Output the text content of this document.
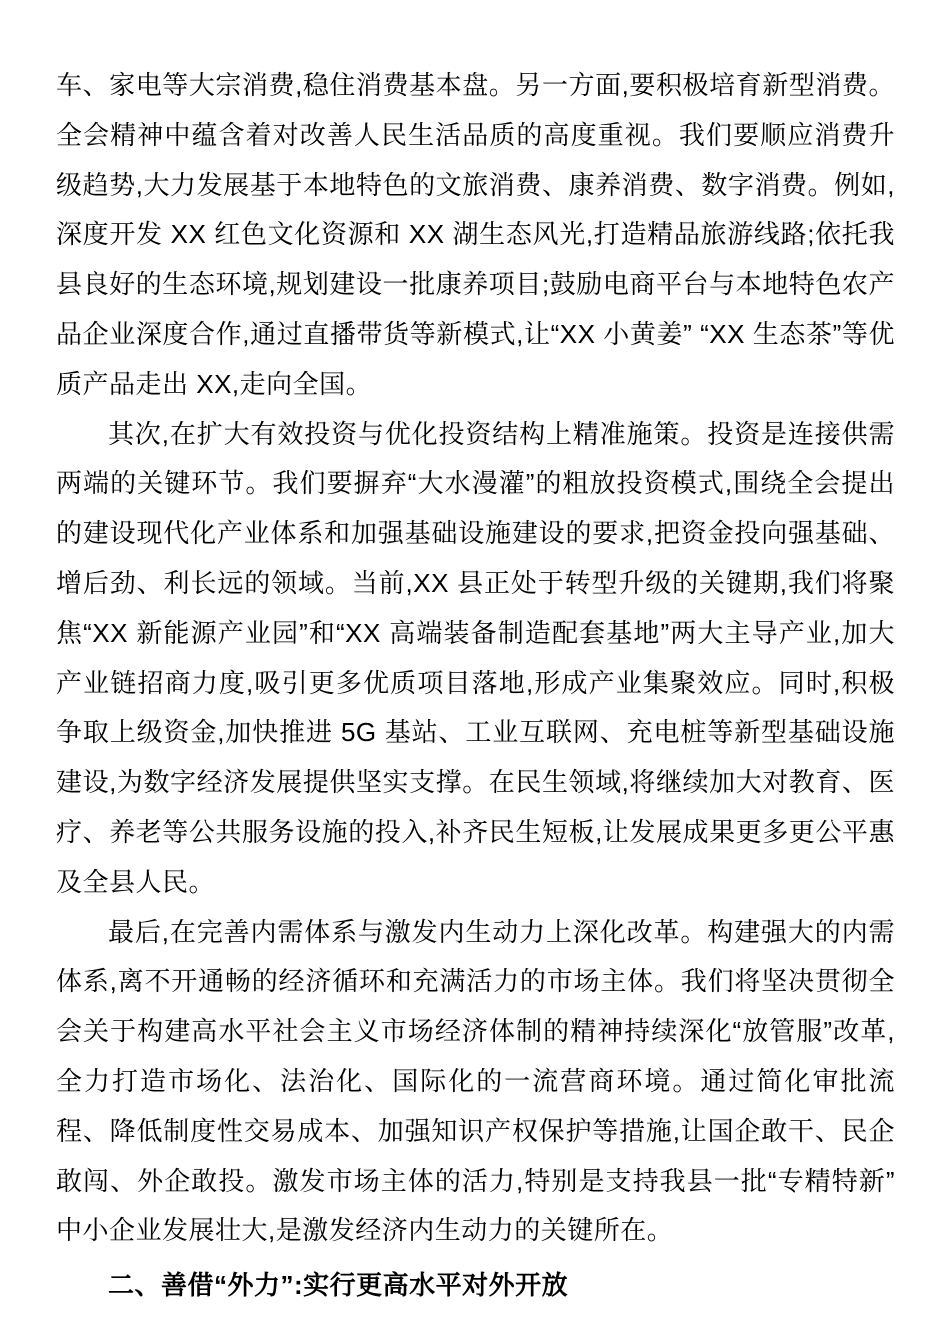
车、家电等大宗消费,稳住消费基本盘。另一方面,要积极培育新型消费。全会精神中蕴含着对改善人民生活品质的高度重视。我们要顺应消费升级趋势,大力发展基于本地特色的文旅消费、康养消费、数字消费。例如,深度开发 XX 红色文化资源和 XX 湖生态风光,打造精品旅游线路;依托我县良好的生态环境,规划建设一批康养项目;鼓励电商平台与本地特色农产品企业深度合作,通过直播带货等新模式,让“XX 小黄姜” “XX 生态茶”等优质产品走出 XX,走向全国。

其次,在扩大有效投资与优化投资结构上精准施策。投资是连接供需两端的关键环节。我们要摒弃“大水漫灌”的粗放投资模式,围绕全会提出的建设现代化产业体系和加强基础设施建设的要求,把资金投向强基础、增后劲、利长远的领域。当前,XX 县正处于转型升级的关键期,我们将聚焦“XX 新能源产业园”和“XX 高端装备制造配套基地”两大主导产业,加大产业链招商力度,吸引更多优质项目落地,形成产业集聚效应。同时,积极争取上级资金,加快推进 5G 基站、工业互联网、充电桩等新型基础设施建设,为数字经济发展提供坚实支撑。在民生领域,将继续加大对教育、医疗、养老等公共服务设施的投入,补齐民生短板,让发展成果更多更公平惠及全县人民。

最后,在完善内需体系与激发内生动力上深化改革。构建强大的内需体系,离不开通畅的经济循环和充满活力的市场主体。我们将坚决贯彻全会关于构建高水平社会主义市场经济体制的精神持续深化“放管服”改革,全力打造市场化、法治化、国际化的一流营商环境。通过简化审批流程、降低制度性交易成本、加强知识产权保护等措施,让国企敢干、民企敢闯、外企敢投。激发市场主体的活力,特别是支持我县一批“专精特新”中小企业发展壮大,是激发经济内生动力的关键所在。

二、善借“外力”:实行更高水平对外开放
